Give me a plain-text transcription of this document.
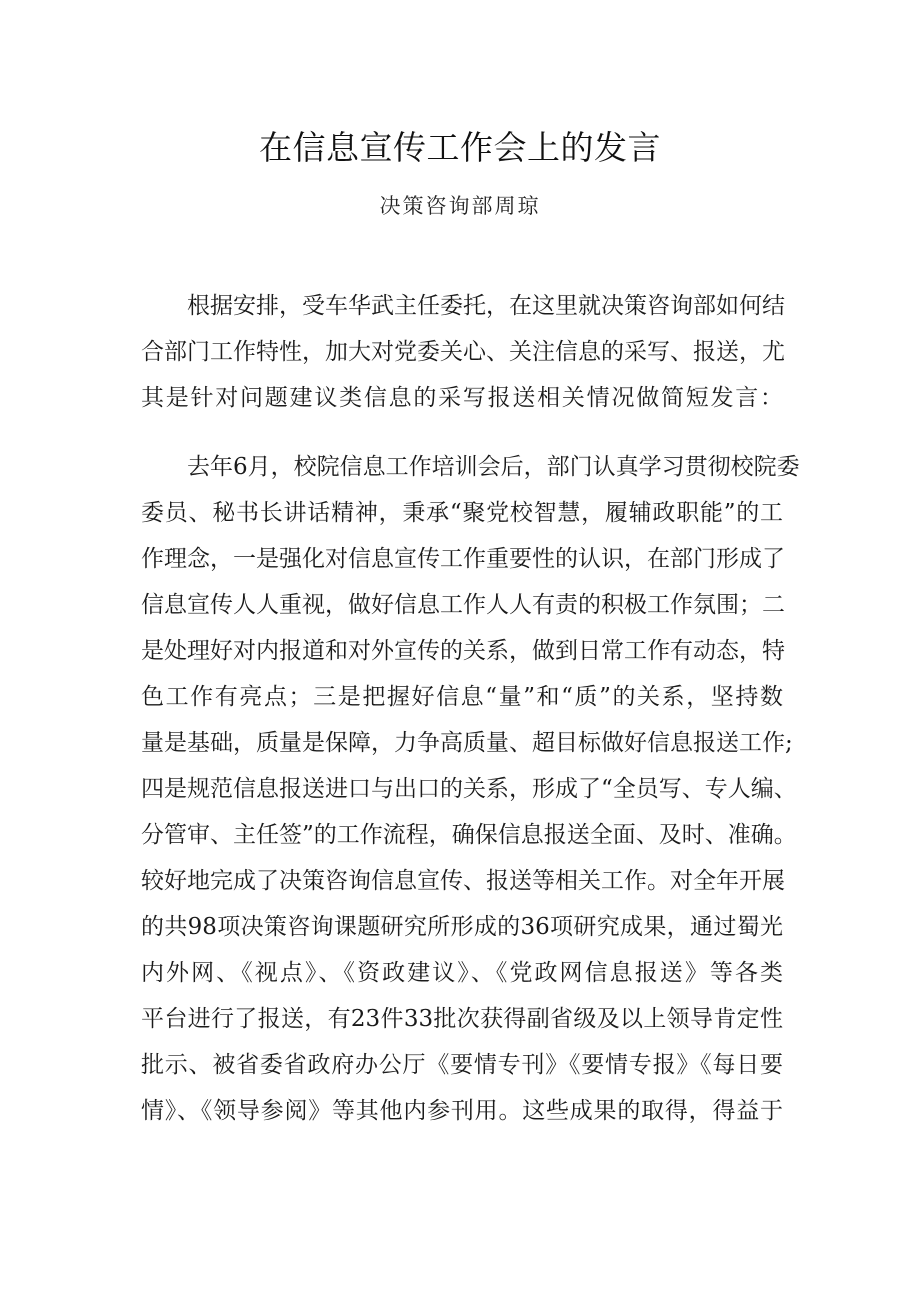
在信息宣传工作会上的发言

决策咨询部周琼

根据安排，受车华武主任委托，在这里就决策咨询部如何结
合部门工作特性，加大对党委关心、关注信息的采写、报送，尤
其是针对问题建议类信息的采写报送相关情况做简短发言：
去年6月，校院信息工作培训会后，部门认真学习贯彻校院委
委员、秘书长讲话精神，秉承“聚党校智慧，履辅政职能”的工
作理念，一是强化对信息宣传工作重要性的认识，在部门形成了
信息宣传人人重视，做好信息工作人人有责的积极工作氛围；二
是处理好对内报道和对外宣传的关系，做到日常工作有动态，特
色工作有亮点；三是把握好信息“量”和“质”的关系，坚持数
量是基础，质量是保障，力争高质量、超目标做好信息报送工作;
四是规范信息报送进口与出口的关系，形成了“全员写、专人编、
分管审、主任签”的工作流程，确保信息报送全面、及时、准确。
较好地完成了决策咨询信息宣传、报送等相关工作。对全年开展
的共98项决策咨询课题研究所形成的36项研究成果，通过蜀光
内外网、《视点》、《资政建议》、《党政网信息报送》等各类
平台进行了报送，有23件33批次获得副省级及以上领导肯定性
批示、被省委省政府办公厅《要情专刊》《要情专报》《每日要
情》、《领导参阅》等其他内参刊用。这些成果的取得，得益于
